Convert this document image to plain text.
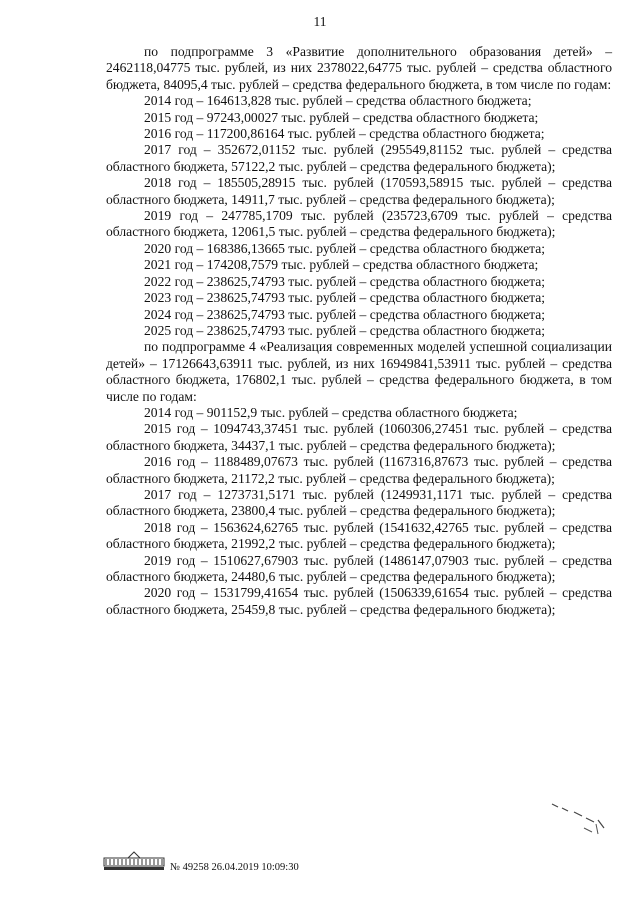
11

по подпрограмме 3 «Развитие дополнительного образования детей» – 2462118,04775 тыс. рублей, из них 2378022,64775 тыс. рублей – средства областного бюджета, 84095,4 тыс. рублей – средства федерального бюджета, в том числе по годам:

2014 год – 164613,828 тыс. рублей – средства областного бюджета;

2015 год – 97243,00027 тыс. рублей – средства областного бюджета;

2016 год – 117200,86164 тыс. рублей – средства областного бюджета;

2017 год – 352672,01152 тыс. рублей (295549,81152 тыс. рублей – средства областного бюджета, 57122,2 тыс. рублей – средства федерального бюджета);

2018 год – 185505,28915 тыс. рублей (170593,58915 тыс. рублей – средства областного бюджета, 14911,7 тыс. рублей – средства федерального бюджета);

2019 год – 247785,1709 тыс. рублей (235723,6709 тыс. рублей – средства областного бюджета, 12061,5 тыс. рублей – средства федерального бюджета);

2020 год – 168386,13665 тыс. рублей – средства областного бюджета;

2021 год – 174208,7579 тыс. рублей – средства областного бюджета;

2022 год – 238625,74793 тыс. рублей – средства областного бюджета;

2023 год – 238625,74793 тыс. рублей – средства областного бюджета;

2024 год – 238625,74793 тыс. рублей – средства областного бюджета;

2025 год – 238625,74793 тыс. рублей – средства областного бюджета;

по подпрограмме 4 «Реализация современных моделей успешной социализации детей» – 17126643,63911 тыс. рублей, из них 16949841,53911 тыс. рублей – средства областного бюджета, 176802,1 тыс. рублей – средства федерального бюджета, в том числе по годам:

2014 год – 901152,9 тыс. рублей – средства областного бюджета;

2015 год – 1094743,37451 тыс. рублей (1060306,27451 тыс. рублей – средства областного бюджета, 34437,1 тыс. рублей – средства федерального бюджета);

2016 год – 1188489,07673 тыс. рублей (1167316,87673 тыс. рублей – средства областного бюджета, 21172,2 тыс. рублей – средства федерального бюджета);

2017 год – 1273731,5171 тыс. рублей (1249931,1171 тыс. рублей – средства областного бюджета, 23800,4 тыс. рублей – средства федерального бюджета);

2018 год – 1563624,62765 тыс. рублей (1541632,42765 тыс. рублей – средства областного бюджета, 21992,2 тыс. рублей – средства федерального бюджета);

2019 год – 1510627,67903 тыс. рублей (1486147,07903 тыс. рублей – средства областного бюджета, 24480,6 тыс. рублей – средства федерального бюджета);

2020 год – 1531799,41654 тыс. рублей (1506339,61654 тыс. рублей – средства областного бюджета, 25459,8 тыс. рублей – средства федерального бюджета);

№ 49258 26.04.2019 10:09:30
